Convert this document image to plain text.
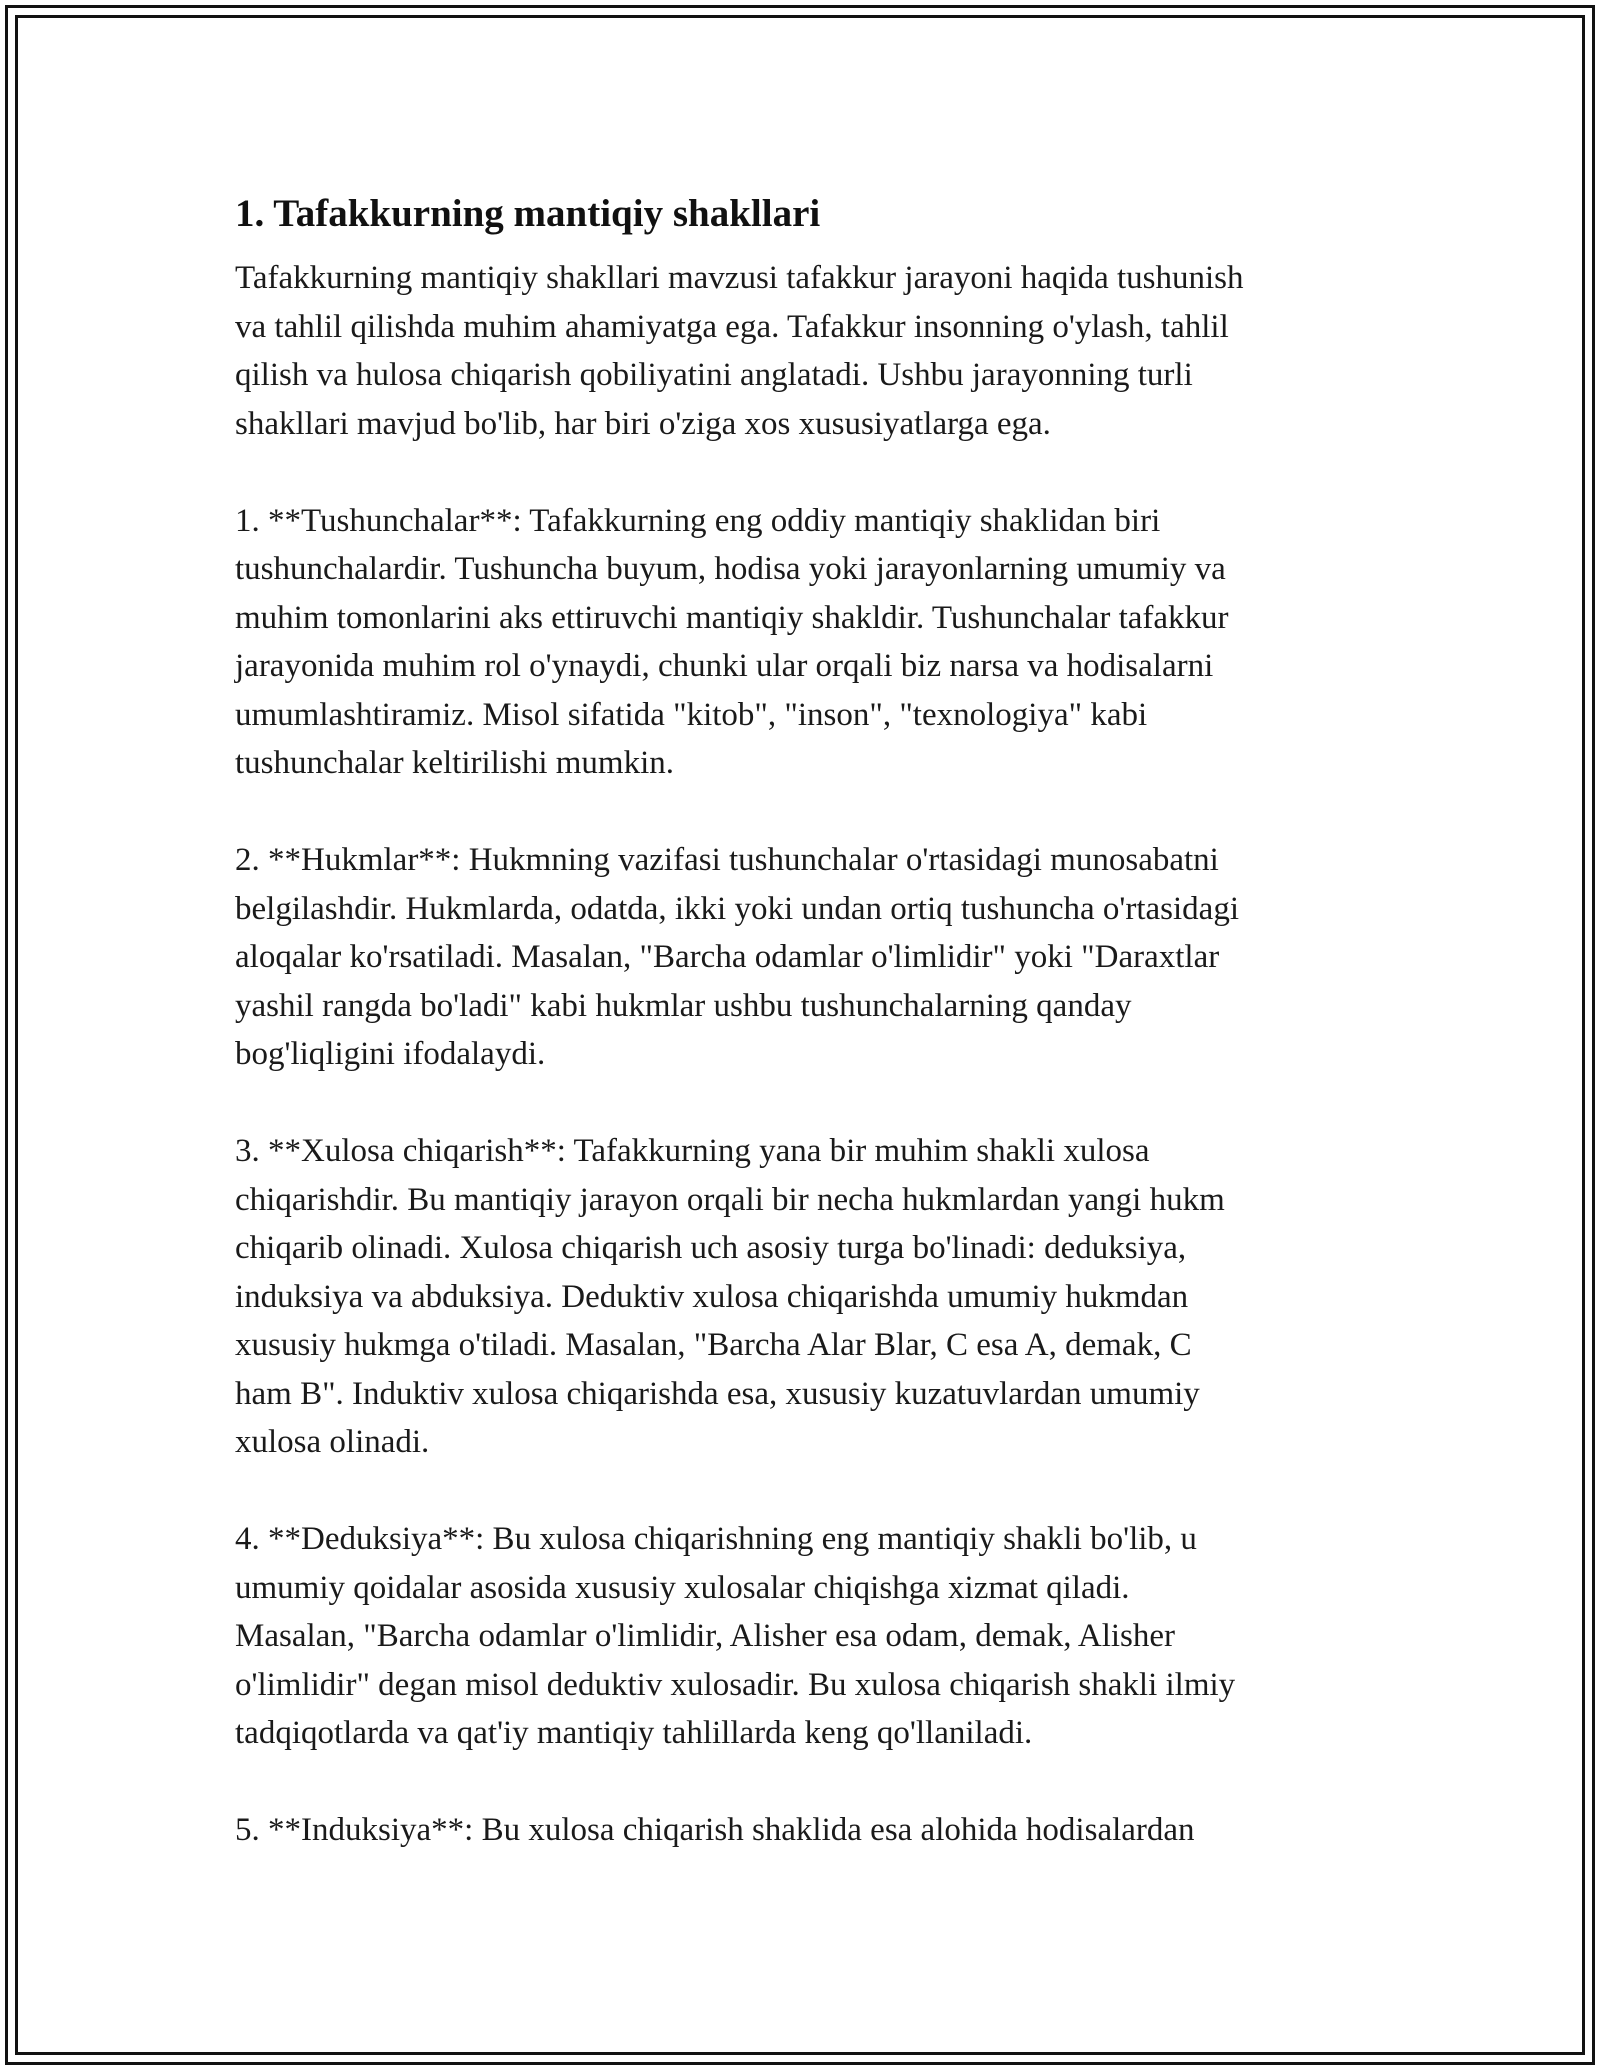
1. Tafakkurning mantiqiy shakllari
Tafakkurning mantiqiy shakllari mavzusi tafakkur jarayoni haqida tushunish
va tahlil qilishda muhim ahamiyatga ega. Tafakkur insonning o'ylash, tahlil
qilish va hulosa chiqarish qobiliyatini anglatadi. Ushbu jarayonning turli
shakllari mavjud bo'lib, har biri o'ziga xos xususiyatlarga ega.
1. **Tushunchalar**: Tafakkurning eng oddiy mantiqiy shaklidan biri
tushunchalardir. Tushuncha buyum, hodisa yoki jarayonlarning umumiy va
muhim tomonlarini aks ettiruvchi mantiqiy shakldir. Tushunchalar tafakkur
jarayonida muhim rol o'ynaydi, chunki ular orqali biz narsa va hodisalarni
umumlashtiramiz. Misol sifatida "kitob", "inson", "texnologiya" kabi
tushunchalar keltirilishi mumkin.
2. **Hukmlar**: Hukmning vazifasi tushunchalar o'rtasidagi munosabatni
belgilashdir. Hukmlarda, odatda, ikki yoki undan ortiq tushuncha o'rtasidagi
aloqalar ko'rsatiladi. Masalan, "Barcha odamlar o'limlidir" yoki "Daraxtlar
yashil rangda bo'ladi" kabi hukmlar ushbu tushunchalarning qanday
bog'liqligini ifodalaydi.
3. **Xulosa chiqarish**: Tafakkurning yana bir muhim shakli xulosa
chiqarishdir. Bu mantiqiy jarayon orqali bir necha hukmlardan yangi hukm
chiqarib olinadi. Xulosa chiqarish uch asosiy turga bo'linadi: deduksiya,
induksiya va abduksiya. Deduktiv xulosa chiqarishda umumiy hukmdan
xususiy hukmga o'tiladi. Masalan, "Barcha Alar Blar, C esa A, demak, C
ham B". Induktiv xulosa chiqarishda esa, xususiy kuzatuvlardan umumiy
xulosa olinadi.
4. **Deduksiya**: Bu xulosa chiqarishning eng mantiqiy shakli bo'lib, u
umumiy qoidalar asosida xususiy xulosalar chiqishga xizmat qiladi.
Masalan, "Barcha odamlar o'limlidir, Alisher esa odam, demak, Alisher
o'limlidir" degan misol deduktiv xulosadir. Bu xulosa chiqarish shakli ilmiy
tadqiqotlarda va qat'iy mantiqiy tahlillarda keng qo'llaniladi.
5. **Induksiya**: Bu xulosa chiqarish shaklida esa alohida hodisalardan
